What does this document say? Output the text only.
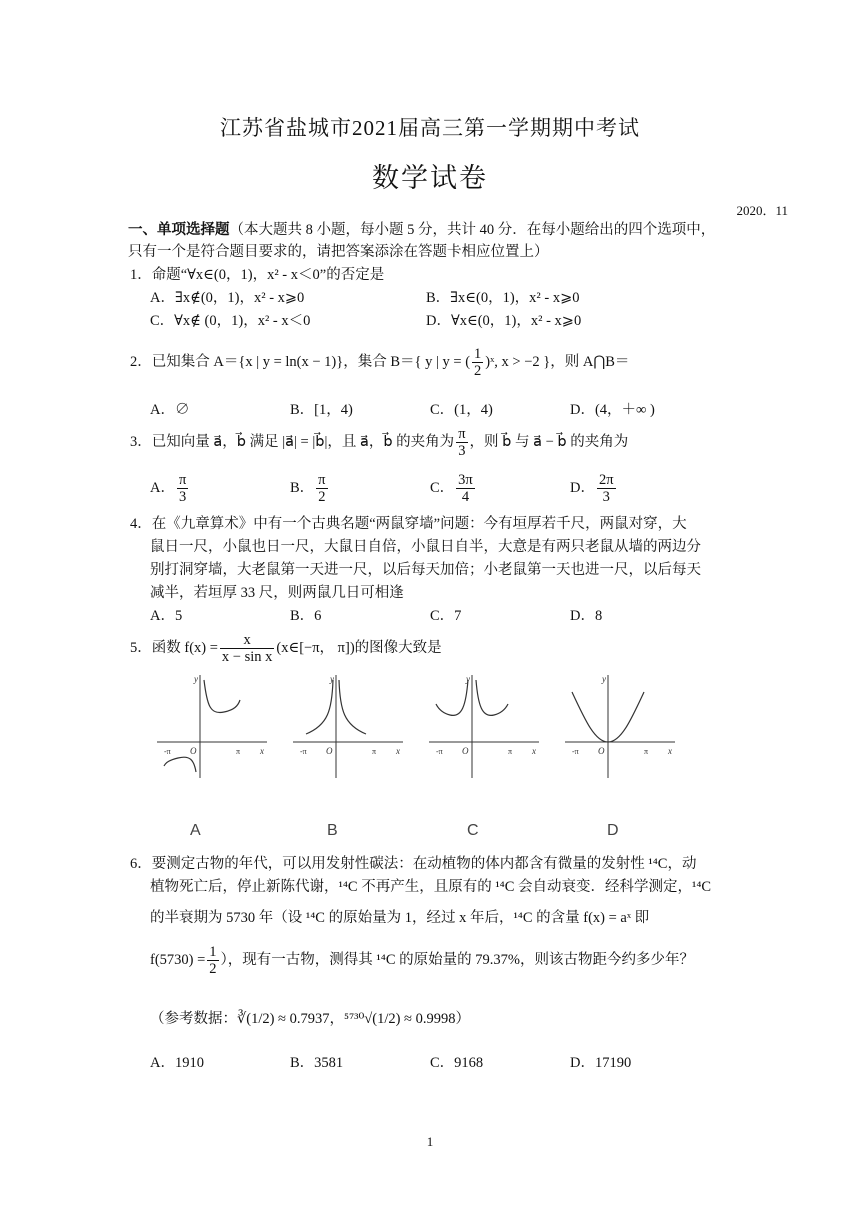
江苏省盐城市2021届高三第一学期期中考试
数学试卷
2020．11
一、单项选择题（本大题共 8 小题，每小题 5 分，共计 40 分．在每小题给出的四个选项中，
只有一个是符合题目要求的，请把答案添涂在答题卡相应位置上）
1．命题“∀x∈(0，1)，x² - x＜0”的否定是
A．∃x∉(0，1)，x² - x⩾0	B．∃x∈(0，1)，x² - x⩾0
C．∀x∉ (0，1)，x² - x＜0	D．∀x∈(0，1)，x² - x⩾0
2．已知集合 A＝{x | y = ln(x − 1)}，集合 B＝{ y | y = ( $\frac{1}{2}$ )ˣ, x > −2 }，则 A⋂B＝
A．∅	B．[1，4)	C．(1，4)	D．(4，＋∞ )
3．已知向量 a⃗，b⃗ 满足 |a⃗| = |b⃗|，且 a⃗，b⃗ 的夹角为 $\frac{\pi}{3}$ ，则 b⃗ 与 a⃗ − b⃗ 的夹角为
A． $\frac{\pi}{3}$	B． $\frac{\pi}{2}$	C． $\frac{3\pi}{4}$	D． $\frac{2\pi}{3}$
4．在《九章算术》中有一个古典名题“两鼠穿墙”问题：今有垣厚若千尺，两鼠对穿，大
鼠日一尺，小鼠也日一尺，大鼠日自倍，小鼠日自半，大意是有两只老鼠从墙的两边分
别打洞穿墙，大老鼠第一天进一尺，以后每天加倍；小老鼠第一天也进一尺，以后每天
减半，若垣厚 33 尺，则两鼠几日可相逢
A．5	B．6	C．7	D．8
5．函数 $f(x) = \frac{x}{\text{x − sin x}}$ (x∈[−π， π])的图像大致是
y
x
O
-π	π
y
x
O
-π	π
y
x
O
-π	π
y
x
O
-π	π
A	B	C	D
6．要测定古物的年代，可以用发射性碳法：在动植物的体内都含有微量的发射性 ¹⁴C，动
植物死亡后，停止新陈代谢，¹⁴C 不再产生，且原有的 ¹⁴C 会自动衰变．经科学测定，¹⁴C
的半衰期为 5730 年（设 ¹⁴C 的原始量为 1，经过 x 年后，¹⁴C 的含量 f(x) = aˣ 即
$f(5730) = \frac{1}{2}$ ），现有一古物，测得其 ¹⁴C 的原始量的 79.37%，则该古物距今约多少年？
（参考数据：∛(1/2) ≈ 0.7937，⁵⁷³⁰√(1/2) ≈ 0.9998）
A．1910	B．3581	C．9168	D．17190
1
